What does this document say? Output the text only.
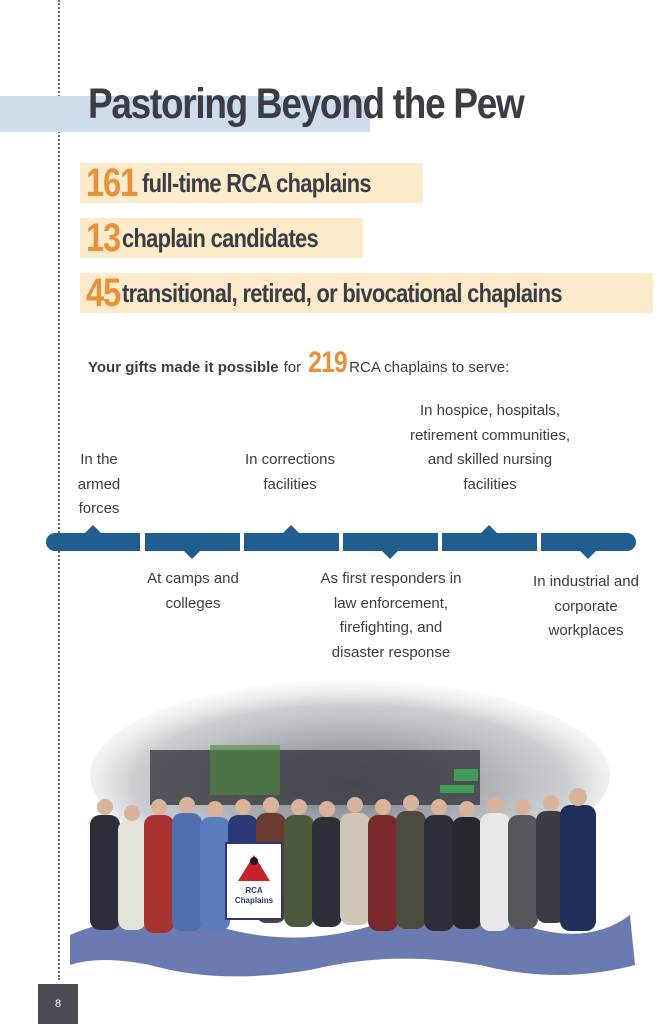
Pastoring Beyond the Pew
161 full-time RCA chaplains
13 chaplain candidates
45 transitional, retired, or bivocational chaplains
Your gifts made it possible for 219 RCA chaplains to serve:
In the armed forces
In corrections facilities
In hospice, hospitals, retirement communities, and skilled nursing facilities
At camps and colleges
As first responders in law enforcement, firefighting, and disaster response
In industrial and corporate workplaces
RCA
Chaplains
8
